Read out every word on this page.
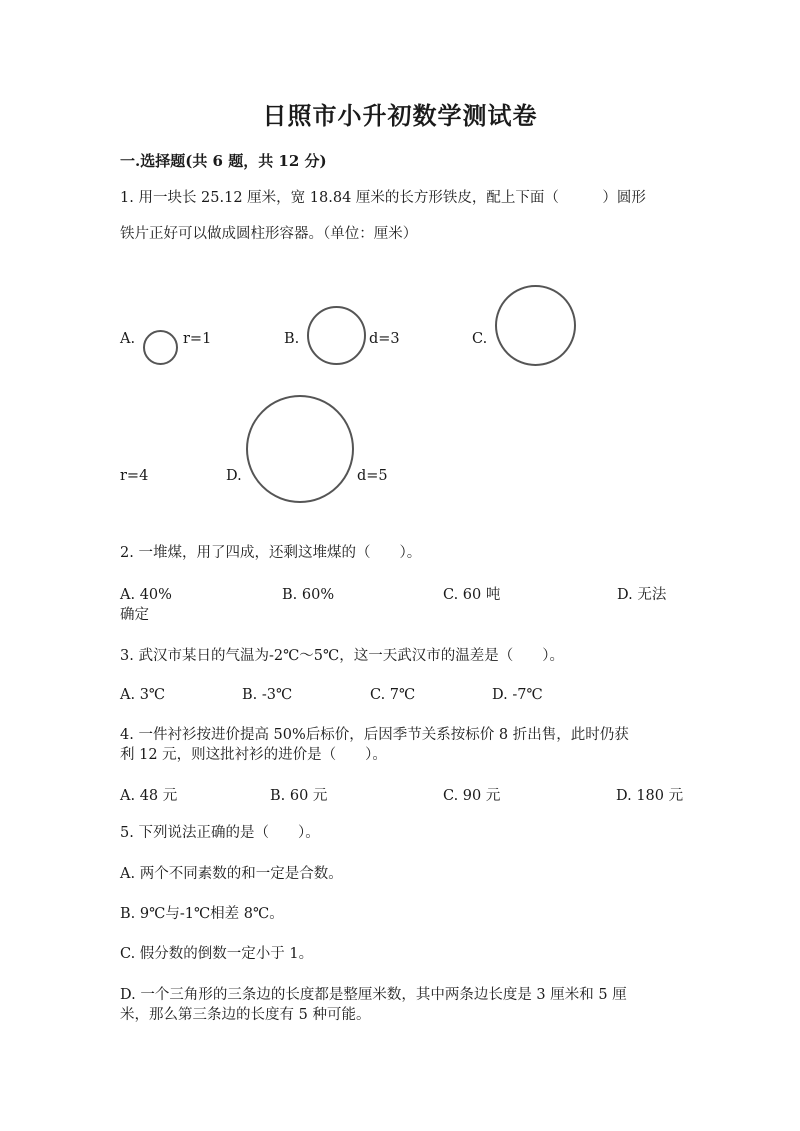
日照市小升初数学测试卷
一.选择题(共 6 题，共 12 分)
1. 用一块长 25.12 厘米，宽 18.84 厘米的长方形铁皮，配上下面（　　　）圆形
铁片正好可以做成圆柱形容器。（单位：厘米）
A.	r=1	B.	d=3	C.
r=4	D.	d=5
2. 一堆煤，用了四成，还剩这堆煤的（　　）。
A. 40%	B. 60%	C. 60 吨	D. 无法
确定
3. 武汉市某日的气温为-2℃～5℃，这一天武汉市的温差是（　　）。
A. 3℃	B. -3℃	C. 7℃	D. -7℃
4. 一件衬衫按进价提高 50%后标价，后因季节关系按标价 8 折出售，此时仍获
利 12 元，则这批衬衫的进价是（　　）。
A. 48 元	B. 60 元	C. 90 元	D. 180 元
5. 下列说法正确的是（　　）。
A. 两个不同素数的和一定是合数。
B. 9℃与-1℃相差 8℃。
C. 假分数的倒数一定小于 1。
D. 一个三角形的三条边的长度都是整厘米数，其中两条边长度是 3 厘米和 5 厘
米，那么第三条边的长度有 5 种可能。
